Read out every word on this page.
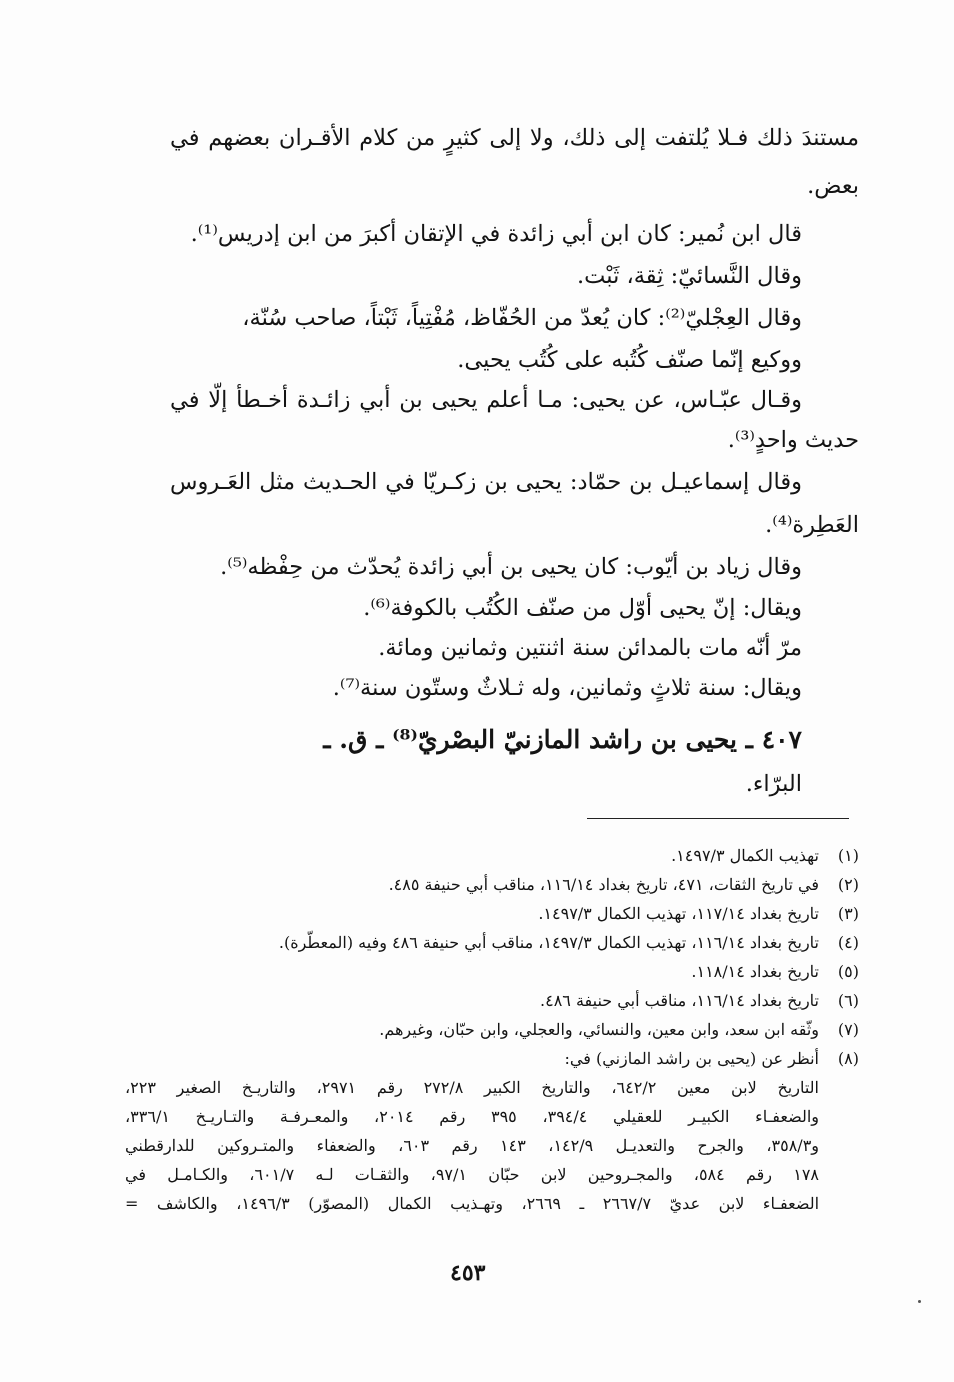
مستندَ ذلك فـلا يُلتفت إلى ذلك، ولا إلى كثيرٍ من كلام الأقـران بعضهم في
بعض.
قال ابن نُمير: كان ابن أبي زائدة في الإتقان أكبرَ من ابن إدريس⁽¹⁾.
وقال النَّسائيّ: ثِقة، ثَبْت.
وقال العِجْليّ⁽²⁾: كان يُعدّ من الحُفّاظ، مُفْتِياً، ثَبْتاً، صاحب سُنّة،
ووكيع إنّما صنّف كُتُبه على كُتُب يحيى.
وقـال عبّـاس، عن يحيى: مـا أعلم يحيى بن أبي زائـدة أخـطأ إلّا في
حديث واحدٍ⁽³⁾.
وقال إسماعيـل بن حمّاد: يحيى بن زكـريّا في الحـديث مثل العَـروس
العَطِرة⁽⁴⁾.
وقال زياد بن أيّوب: كان يحيى بن أبي زائدة يُحدّث من حِفْظه⁽⁵⁾.
ويقال: إنّ يحيى أوّل من صنّف الكُتُب بالكوفة⁽⁶⁾.
مرّ أنّه مات بالمدائن سنة اثنتين وثمانين ومائة.
ويقال: سنة ثلاثٍ وثمانين، وله ثـلاثٌ وستّون سنة⁽⁷⁾.
٤٠٧ ـ يحيى بن راشد المازنيّ البصْريّ⁽⁸⁾ ـ ق. ـ
البرّاء.
(١)تهذيب الكمال ١٤٩٧/٣.
(٢)في تاريخ الثقات، ٤٧١، تاريخ بغداد ١١٦/١٤، مناقب أبي حنيفة ٤٨٥.
(٣)تاريخ بغداد ١١٧/١٤، تهذيب الكمال ١٤٩٧/٣.
(٤)تاريخ بغداد ١١٦/١٤، تهذيب الكمال ١٤٩٧/٣، مناقب أبي حنيفة ٤٨٦ وفيه (المعطّرة).
(٥)تاريخ بغداد ١١٨/١٤.
(٦)تاريخ بغداد ١١٦/١٤، مناقب أبي حنيفة ٤٨٦.
(٧)وثّقه ابن سعد، وابن معين، والنسائي، والعجلي، وابن حبّان، وغيرهم.
(٨)أنظر عن (يحيى بن راشد المازني) في:
التاريخ لابن معين ٦٤٢/٢، والتاريخ الكبير ٢٧٢/٨ رقم ٢٩٧١، والتاريـخ الصغير ٢٢٣،
والضعفـاء الكبيـر للعقيلي ٣٩٤/٤، ٣٩٥ رقم ٢٠١٤، والمعـرفـة والتـاريـخ ٣٣٦/١،
و٣٥٨/٣، والجرح والتعديـل ١٤٢/٩، ١٤٣ رقم ٦٠٣، والضعفاء والمتـروكين للدارقطني
١٧٨ رقم ٥٨٤، والمجـروحين لابن حبّان ٩٧/١، والثقـات لـه ٦٠١/٧، والكـامـل في
الضعفـاء لابن عديّ ٢٦٦٧/٧ ـ ٢٦٦٩، وتهـذيب الكمال (المصوّر) ١٤٩٦/٣، والكاشف =
٤٥٣
